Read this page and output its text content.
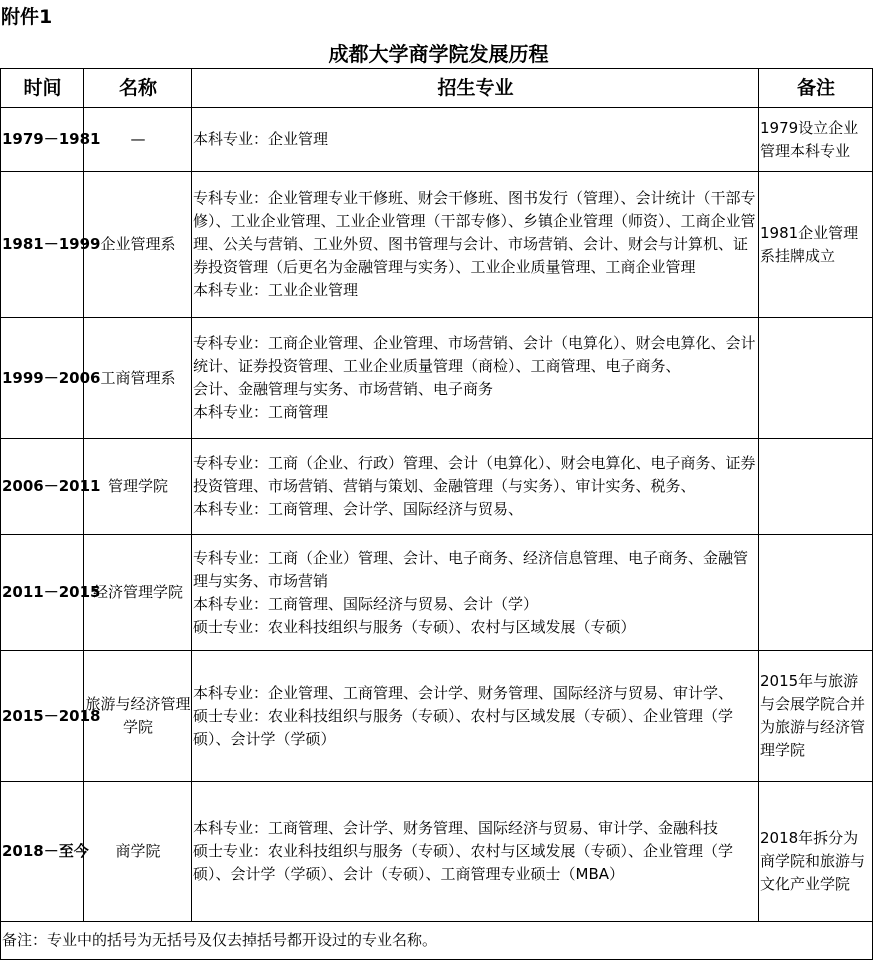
附件1
成都大学商学院发展历程
时间	名称	招生专业	备注
1979－1981	—	本科专业：企业管理	1979设立企业管理本科专业
1981－1999	企业管理系	专科专业：企业管理专业干修班、财会干修班、图书发行（管理）、会计统计（干部专修）、工业企业管理、工业企业管理（干部专修）、乡镇企业管理（师资）、工商企业管理、公关与营销、工业外贸、图书管理与会计、市场营销、会计、财会与计算机、证券投资管理（后更名为金融管理与实务）、工业企业质量管理、工商企业管理
本科专业：工业企业管理	1981企业管理系挂牌成立
1999－2006	工商管理系	专科专业：工商企业管理、企业管理、市场营销、会计（电算化）、财会电算化、会计统计、证券投资管理、工业企业质量管理（商检）、工商管理、电子商务、
会计、金融管理与实务、市场营销、电子商务
本科专业：工商管理	

2006－2011	管理学院	专科专业：工商（企业、行政）管理、会计（电算化）、财会电算化、电子商务、证券投资管理、市场营销、营销与策划、金融管理（与实务）、审计实务、税务、
本科专业：工商管理、会计学、国际经济与贸易、	

2011－2015	经济管理学院	专科专业：工商（企业）管理、会计、电子商务、经济信息管理、电子商务、金融管理与实务、市场营销
本科专业：工商管理、国际经济与贸易、会计（学）
硕士专业：农业科技组织与服务（专硕）、农村与区域发展（专硕）	

2015－2018	旅游与经济管理学院	本科专业：企业管理、工商管理、会计学、财务管理、国际经济与贸易、审计学、
硕士专业：农业科技组织与服务（专硕）、农村与区域发展（专硕）、企业管理（学硕）、会计学（学硕）	2015年与旅游与会展学院合并为旅游与经济管理学院
2018－至今	商学院	本科专业：工商管理、会计学、财务管理、国际经济与贸易、审计学、金融科技
硕士专业：农业科技组织与服务（专硕）、农村与区域发展（专硕）、企业管理（学硕）、会计学（学硕）、会计（专硕）、工商管理专业硕士（MBA）	2018年拆分为商学院和旅游与文化产业学院
备注：专业中的括号为无括号及仅去掉括号都开设过的专业名称。			
